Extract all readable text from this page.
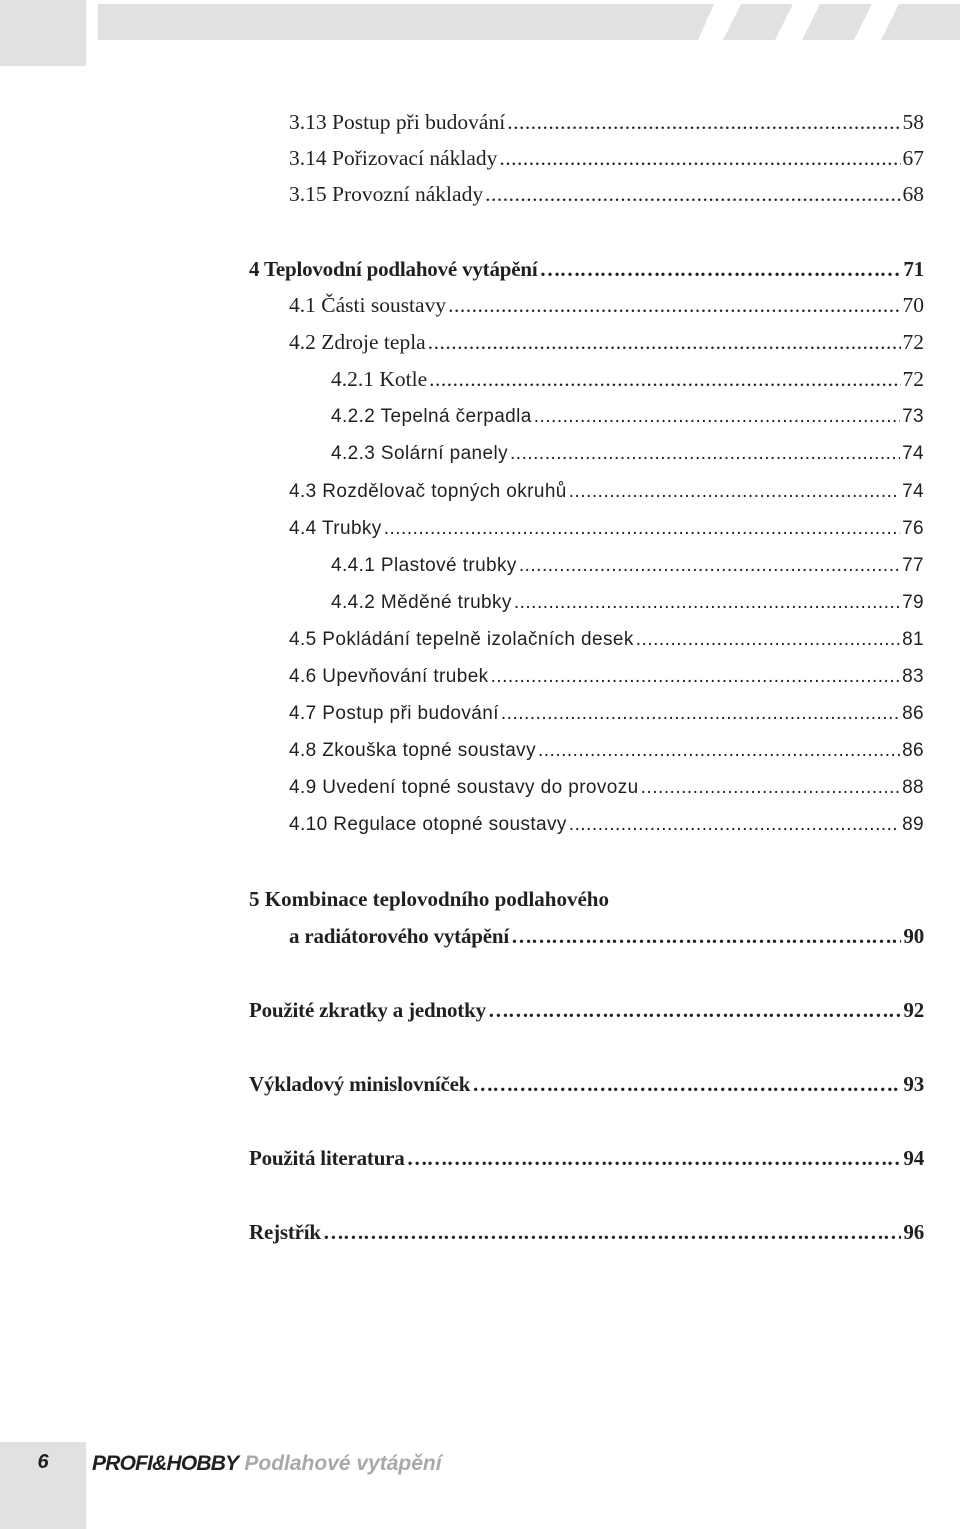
3.13 Postup při budování .....	58
3.14 Pořizovací náklady .....	67
3.15 Provozní náklady .....	68
4 Teplovodní podlahové vytápění ……………………………………………………………………………………………………………………………………………	71
4.1 Části soustavy .....	70
4.2 Zdroje tepla .....	72
4.2.1 Kotle .....	72
4.2.2 Tepelná čerpadla .....	73
4.2.3 Solární panely .....	74
4.3 Rozdělovač topných okruhů .....	74
4.4 Trubky .....	76
4.4.1 Plastové trubky .....	77
4.4.2 Měděné trubky .....	79
4.5 Pokládání tepelně izolačních desek .....	81
4.6 Upevňování trubek .....	83
4.7 Postup při budování .....	86
4.8 Zkouška topné soustavy .....	86
4.9 Uvedení topné soustavy do provozu .....	88
4.10 Regulace otopné soustavy .....	89
5 Kombinace teplovodního podlahového
a radiátorového vytápění ……………………………………………………………………………………………………………………………………………	90
Použité zkratky a jednotky ……………………………………………………………………………………………………………………………………………	92
Výkladový minislovníček ……………………………………………………………………………………………………………………………………………	93
Použitá literatura ……………………………………………………………………………………………………………………………………………	94
Rejstřík ……………………………………………………………………………………………………………………………………………	96
6	PROFI&HOBBY Podlahové vytápění
